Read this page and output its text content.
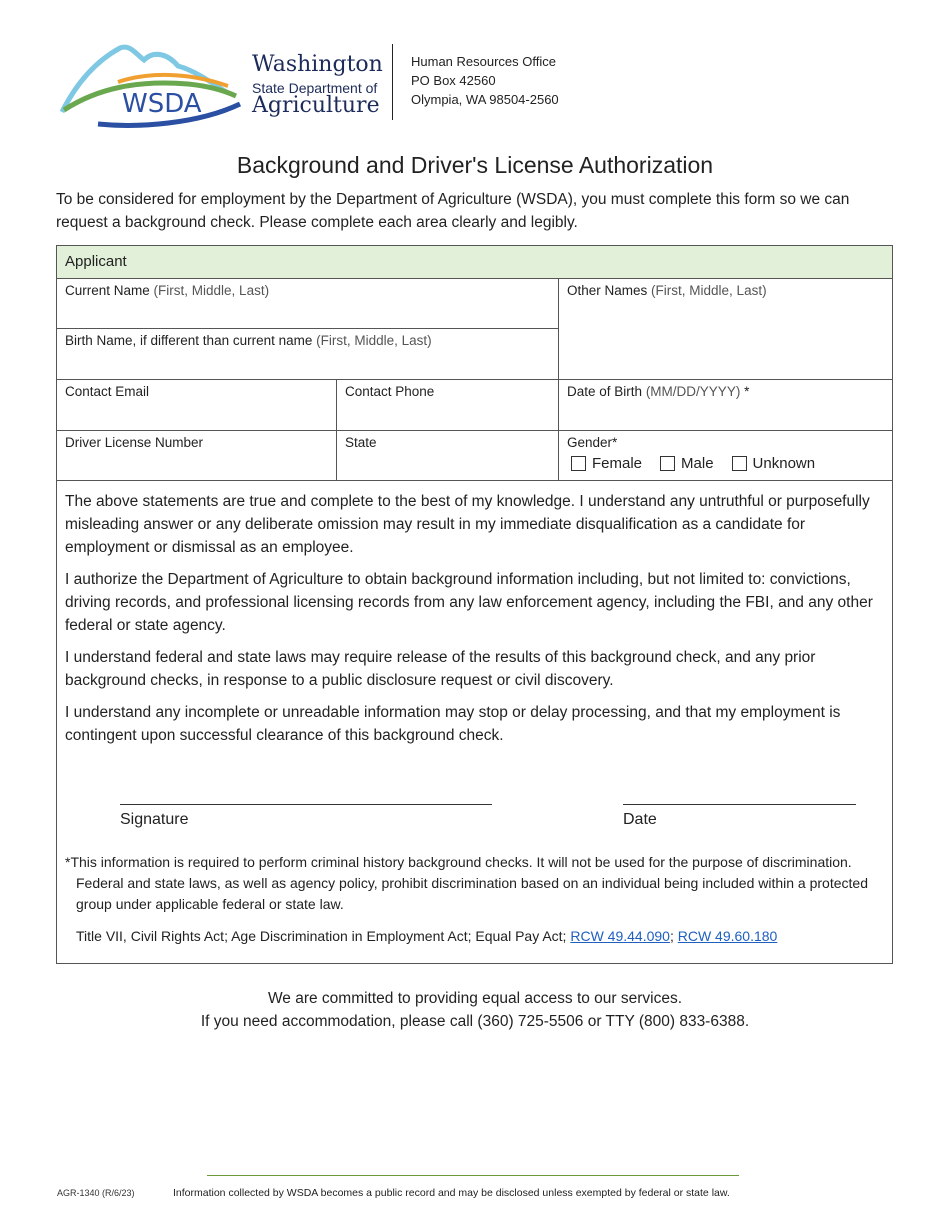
WSDA
Washington
State Department of
Agriculture
Human Resources Office
PO Box 42560
Olympia, WA 98504-2560
Background and Driver's License Authorization
To be considered for employment by the Department of Agriculture (WSDA), you must complete this form so we can request a background check. Please complete each area clearly and legibly.
Applicant
Current Name (First, Middle, Last)	Other Names (First, Middle, Last)
Birth Name, if different than current name (First, Middle, Last)
Contact Email	Contact Phone	Date of Birth (MM/DD/YYYY) *
Driver License Number	State	Gender*
Female	Male	Unknown
The above statements are true and complete to the best of my knowledge. I understand any untruthful or purposefully misleading answer or any deliberate omission may result in my immediate disqualification as a candidate for employment or dismissal as an employee.
I authorize the Department of Agriculture to obtain background information including, but not limited to: convictions, driving records, and professional licensing records from any law enforcement agency, including the FBI, and any other federal or state agency.
I understand federal and state laws may require release of the results of this background check, and any prior background checks, in response to a public disclosure request or civil discovery.
I understand any incomplete or unreadable information may stop or delay processing, and that my employment is contingent upon successful clearance of this background check.
Signature	Date
*This information is required to perform criminal history background checks. It will not be used for the purpose of discrimination. Federal and state laws, as well as agency policy, prohibit discrimination based on an individual being included within a protected group under applicable federal or state law.
Title VII, Civil Rights Act; Age Discrimination in Employment Act; Equal Pay Act; RCW 49.44.090; RCW 49.60.180
We are committed to providing equal access to our services.
If you need accommodation, please call (360) 725-5506 or TTY (800) 833-6388.
AGR-1340 (R/6/23)	Information collected by WSDA becomes a public record and may be disclosed unless exempted by federal or state law.
